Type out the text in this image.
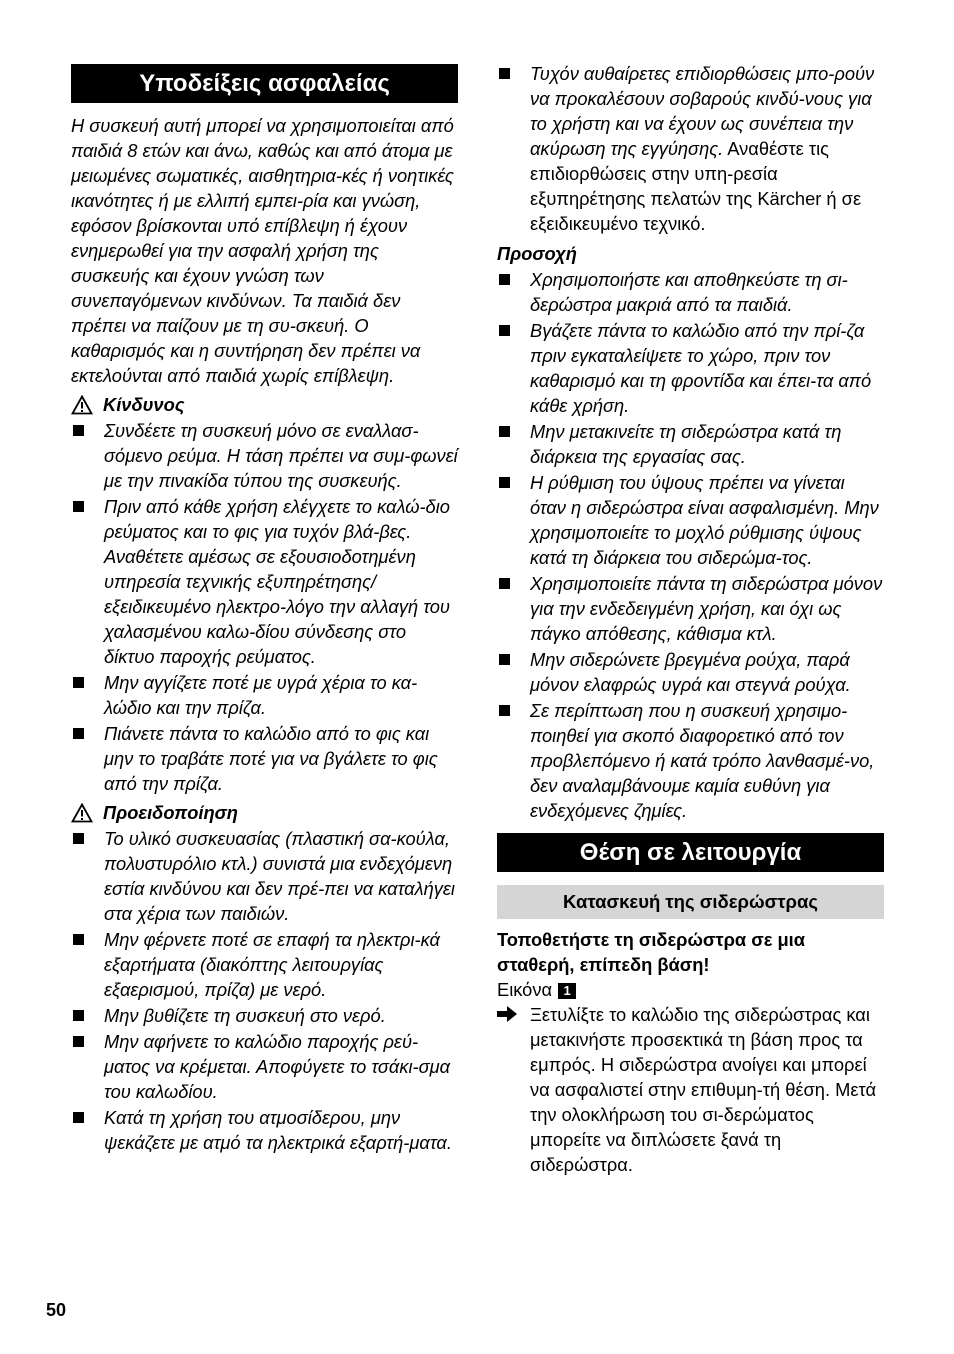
Υποδείξεις ασφαλείας

Η συσκευή αυτή μπορεί να χρησιμοποιείται από παιδιά 8 ετών και άνω, καθώς και από άτομα με μειωμένες σωματικές, αισθητηρια-κές ή νοητικές ικανότητες ή με ελλιπή εμπει-ρία και γνώση, εφόσον βρίσκονται υπό επίβλεψη ή έχουν ενημερωθεί για την ασφαλή χρήση της συσκευής και έχουν γνώση των συνεπαγόμενων κινδύνων. Τα παιδιά δεν πρέπει να παίζουν με τη συ-σκευή. Ο καθαρισμός και η συντήρηση δεν πρέπει να εκτελούνται από παιδιά χωρίς επίβλεψη.

Κίνδυνος
Συνδέετε τη συσκευή μόνο σε εναλλασ-σόμενο ρεύμα. Η τάση πρέπει να συμ-φωνεί με την πινακίδα τύπου της συσκευής.
Πριν από κάθε χρήση ελέγχετε το καλώ-διο ρεύματος και το φις για τυχόν βλά-βες. Αναθέτετε αμέσως σε εξουσιοδοτημένη υπηρεσία τεχνικής εξυπηρέτησης/εξειδικευμένο ηλεκτρο-λόγο την αλλαγή του χαλασμένου καλω-δίου σύνδεσης στο δίκτυο παροχής ρεύματος.
Μην αγγίζετε ποτέ με υγρά χέρια το κα-λώδιο και την πρίζα.
Πιάνετε πάντα το καλώδιο από το φις και μην το τραβάτε ποτέ για να βγάλετε το φις από την πρίζα.
Προειδοποίηση
Το υλικό συσκευασίας (πλαστική σα-κούλα, πολυστυρόλιο κτλ.) συνιστά μια ενδεχόμενη εστία κινδύνου και δεν πρέ-πει να καταλήγει στα χέρια των παιδιών.
Μην φέρνετε ποτέ σε επαφή τα ηλεκτρι-κά εξαρτήματα (διακόπτης λειτουργίας εξαερισμού, πρίζα) με νερό.
Μην βυθίζετε τη συσκευή στο νερό.
Μην αφήνετε το καλώδιο παροχής ρεύ-ματος να κρέμεται. Αποφύγετε το τσάκι-σμα του καλωδίου.
Κατά τη χρήση του ατμοσίδερου, μην ψεκάζετε με ατμό τα ηλεκτρικά εξαρτή-ματα.
Τυχόν αυθαίρετες επιδιορθώσεις μπο-ρούν να προκαλέσουν σοβαρούς κινδύ-νους για το χρήστη και να έχουν ως συνέπεια την ακύρωση της εγγύησης. Αναθέστε τις επιδιορθώσεις στην υπη-ρεσία εξυπηρέτησης πελατών της Kärcher ή σε εξειδικευμένο τεχνικό.
Προσοχή
Χρησιμοποιήστε και αποθηκεύστε τη σι-δερώστρα μακριά από τα παιδιά.
Βγάζετε πάντα το καλώδιο από την πρί-ζα πριν εγκαταλείψετε το χώρο, πριν τον καθαρισμό και τη φροντίδα και έπει-τα από κάθε χρήση.
Μην μετακινείτε τη σιδερώστρα κατά τη διάρκεια της εργασίας σας.
Η ρύθμιση του ύψους πρέπει να γίνεται όταν η σιδερώστρα είναι ασφαλισμένη. Μην χρησιμοποιείτε το μοχλό ρύθμισης ύψους κατά τη διάρκεια του σιδερώμα-τος.
Χρησιμοποιείτε πάντα τη σιδερώστρα μόνον για την ενδεδειγμένη χρήση, και όχι ως πάγκο απόθεσης, κάθισμα κτλ.
Μην σιδερώνετε βρεγμένα ρούχα, παρά μόνον ελαφρώς υγρά και στεγνά ρούχα.
Σε περίπτωση που η συσκευή χρησιμο-ποιηθεί για σκοπό διαφορετικό από τον προβλεπόμενο ή κατά τρόπο λανθασμέ-νο, δεν αναλαμβάνουμε καμία ευθύνη για ενδεχόμενες ζημίες.
Θέση σε λειτουργία
Κατασκευή της σιδερώστρας

Τοποθετήστε τη σιδερώστρα σε μια σταθερή, επίπεδη βάση!

Εικόνα 1

Ξετυλίξτε το καλώδιο της σιδερώστρας και μετακινήστε προσεκτικά τη βάση προς τα εμπρός. Η σιδερώστρα ανοίγει και μπορεί να ασφαλιστεί στην επιθυμη-τή θέση. Μετά την ολοκλήρωση του σι-δερώματος μπορείτε να διπλώσετε ξανά τη σιδερώστρα.
50
